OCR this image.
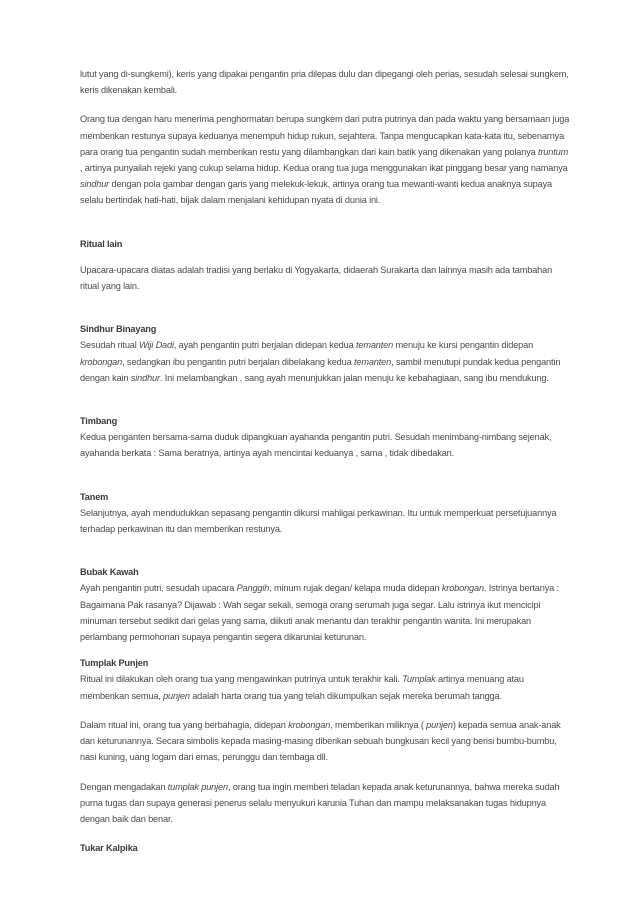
lutut yang di-sungkemi), keris yang dipakai pengantin pria dilepas dulu dan dipegangi oleh perias, sesudah selesai sungkem, keris dikenakan kembali.

Orang tua dengan haru menerima penghormatan berupa sungkem dari putra putrinya dan pada waktu yang bersamaan juga memberikan restunya supaya keduanya menempuh hidup rukun, sejahtera. Tanpa mengucapkan kata-kata itu, sebenarnya para orang tua pengantin sudah memberikan restu yang dilambangkan dari kain batik yang dikenakan yang polanya truntum , artinya punyailah rejeki yang cukup selama hidup. Kedua orang tua juga menggunakan ikat pinggang besar yang namanya sindhur dengan pola gambar dengan garis yang melekuk-lekuk, artinya orang tua mewanti-wanti kedua anaknya supaya selalu bertindak hati-hati, bijak dalam menjalani kehidupan nyata di dunia ini.

Ritual lain

Upacara-upacara diatas adalah tradisi yang berlaku di Yogyakarta, didaerah Surakarta dan lainnya masih ada tambahan ritual yang lain.

Sindhur Binayang

Sesudah ritual Wiji Dadi, ayah pengantin putri berjalan didepan kedua temanten menuju ke kursi pengantin didepan krobongan, sedangkan ibu pengantin putri berjalan dibelakang kedua temanten, sambil menutupi pundak kedua pengantin dengan kain sindhur. Ini melambangkan , sang ayah menunjukkan jalan menuju ke kebahagiaan, sang ibu mendukung.

Timbang

Kedua penganten bersama-sama duduk dipangkuan ayahanda pengantin putri. Sesudah menimbang-nimbang sejenak, ayahanda berkata : Sama beratnya, artinya ayah mencintai keduanya , sama , tidak dibedakan.

Tanem

Selanjutnya, ayah mendudukkan sepasang pengantin dikursi mahligai perkawinan. Itu untuk memperkuat persetujuannya terhadap perkawinan itu dan memberikan restunya.

Bubak Kawah

Ayah pengantin putri, sesudah upacara Panggih, minum rujak degan/ kelapa muda didepan krobongan. Istrinya bertanya : Bagaimana Pak rasanya? Dijawab : Wah segar sekali, semoga orang serumah juga segar. Lalu istrinya ikut mencicipi minuman tersebut sedikit dari gelas yang sama, diikuti anak menantu dan terakhir pengantin wanita. Ini merupakan perlambang permohonan supaya pengantin segera dikaruniai keturunan.

Tumplak Punjen

Ritual ini dilakukan oleh orang tua yang mengawinkan putrinya untuk terakhir kali. Tumplak artinya menuang atau memberikan semua, punjen adalah harta orang tua yang telah dikumpulkan sejak mereka berumah tangga.

Dalam ritual ini, orang tua yang berbahagia, didepan krobongan, memberikan miliknya ( punjen) kepada semua anak-anak dan keturunannya. Secara simbolis kepada masing-masing diberikan sebuah bungkusan kecil yang berisi bumbu-bumbu, nasi kuning, uang logam dari emas, perunggu dan tembaga dll.

Dengan mengadakan tumplak punjen, orang tua ingin memberi teladan kepada anak keturunannya, bahwa mereka sudah purna tugas dan supaya generasi penerus selalu menyukuri karunia Tuhan dan mampu melaksanakan tugas hidupnya dengan baik dan benar.

Tukar Kalpika
